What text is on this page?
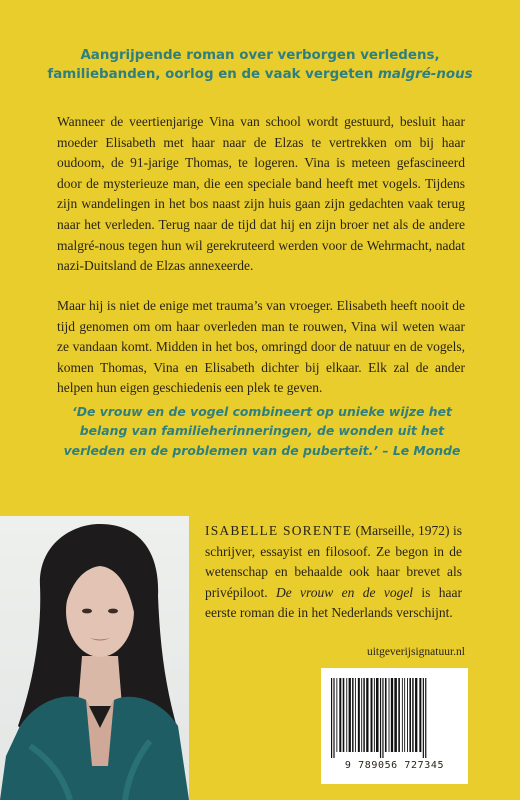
Aangrijpende roman over verborgen verledens,
familiebanden, oorlog en de vaak vergeten malgré-nous

Wanneer de veertienjarige Vina van school wordt gestuurd, besluit haar moeder Elisabeth met haar naar de Elzas te vertrekken om bij haar oudoom, de 91-jarige Thomas, te logeren. Vina is meteen gefascineerd door de mysterieuze man, die een speciale band heeft met vogels. Tijdens zijn wandelingen in het bos naast zijn huis gaan zijn gedachten vaak terug naar het verleden. Terug naar de tijd dat hij en zijn broer net als de andere malgré-nous tegen hun wil gerekruteerd werden voor de Wehrmacht, nadat nazi-Duitsland de Elzas annexeerde.

Maar hij is niet de enige met trauma’s van vroeger. Elisabeth heeft nooit de tijd genomen om om haar overleden man te rouwen, Vina wil weten waar ze vandaan komt. Midden in het bos, omringd door de natuur en de vogels, komen Thomas, Vina en Elisabeth dichter bij elkaar. Elk zal de ander helpen hun eigen geschiedenis een plek te geven.

‘De vrouw en de vogel combineert op unieke wijze het belang van familieherinneringen, de wonden uit het verleden en de problemen van de puberteit.’ – Le Monde

ISABELLE SORENTE (Marseille, 1972) is schrijver, essayist en filosoof. Ze begon in de wetenschap en behaalde ook haar brevet als privépiloot. De vrouw en de vogel is haar eerste roman die in het Nederlands verschijnt.

uitgeverijsignatuur.nl
9 789056 727345
